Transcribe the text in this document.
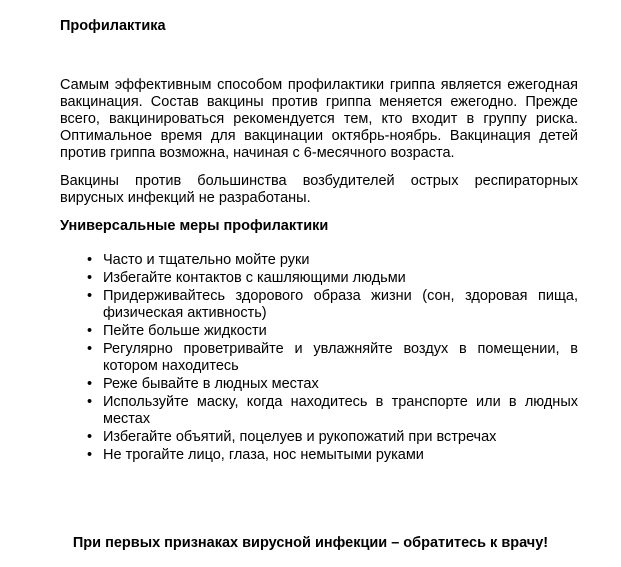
Профилактика

Самым эффективным способом профилактики гриппа является ежегодная вакцинация. Состав вакцины против гриппа меняется ежегодно. Прежде всего, вакцинироваться рекомендуется тем, кто входит в группу риска. Оптимальное время для вакцинации октябрь-ноябрь. Вакцинация детей против гриппа возможна, начиная с 6-месячного возраста.

Вакцины против большинства возбудителей острых респираторных вирусных инфекций не разработаны.

Универсальные меры профилактики

• Часто и тщательно мойте руки
• Избегайте контактов с кашляющими людьми
• Придерживайтесь здорового образа жизни (сон, здоровая пища, физическая активность)
• Пейте больше жидкости
• Регулярно проветривайте и увлажняйте воздух в помещении, в котором находитесь
• Реже бывайте в людных местах
• Используйте маску, когда находитесь в транспорте или в людных местах
• Избегайте объятий, поцелуев и рукопожатий при встречах
• Не трогайте лицо, глаза, нос немытыми руками

При первых признаках вирусной инфекции – обратитесь к врачу!
